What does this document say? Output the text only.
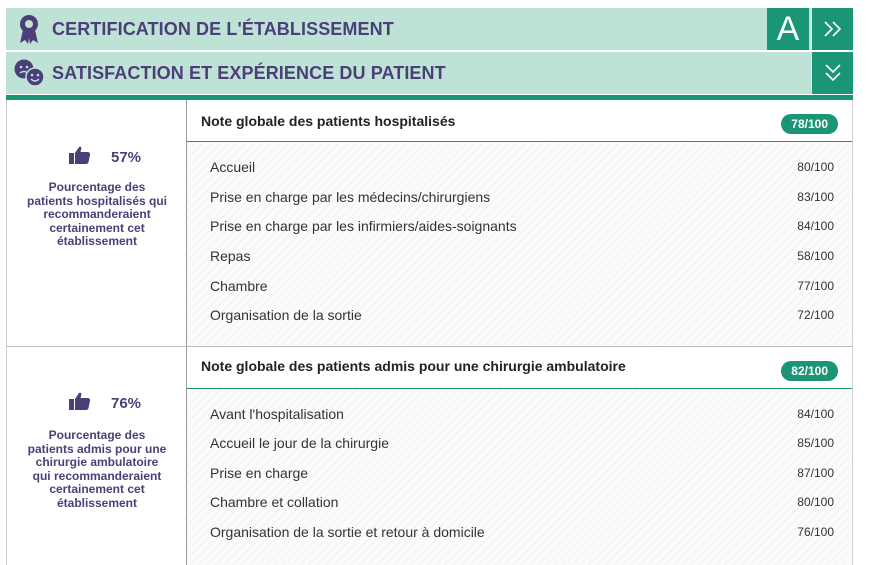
CERTIFICATION DE L'ÉTABLISSEMENT	A
SATISFACTION ET EXPÉRIENCE DU PATIENT
57%
Pourcentage des patients hospitalisés qui recommanderaient certainement cet établissement
Note globale des patients hospitalisés	78/100
Accueil	80/100
Prise en charge par les médecins/chirurgiens	83/100
Prise en charge par les infirmiers/aides-soignants	84/100
Repas	58/100
Chambre	77/100
Organisation de la sortie	72/100
76%
Pourcentage des patients admis pour une chirurgie ambulatoire qui recommanderaient certainement cet établissement
Note globale des patients admis pour une chirurgie ambulatoire	82/100
Avant l'hospitalisation	84/100
Accueil le jour de la chirurgie	85/100
Prise en charge	87/100
Chambre et collation	80/100
Organisation de la sortie et retour à domicile	76/100
